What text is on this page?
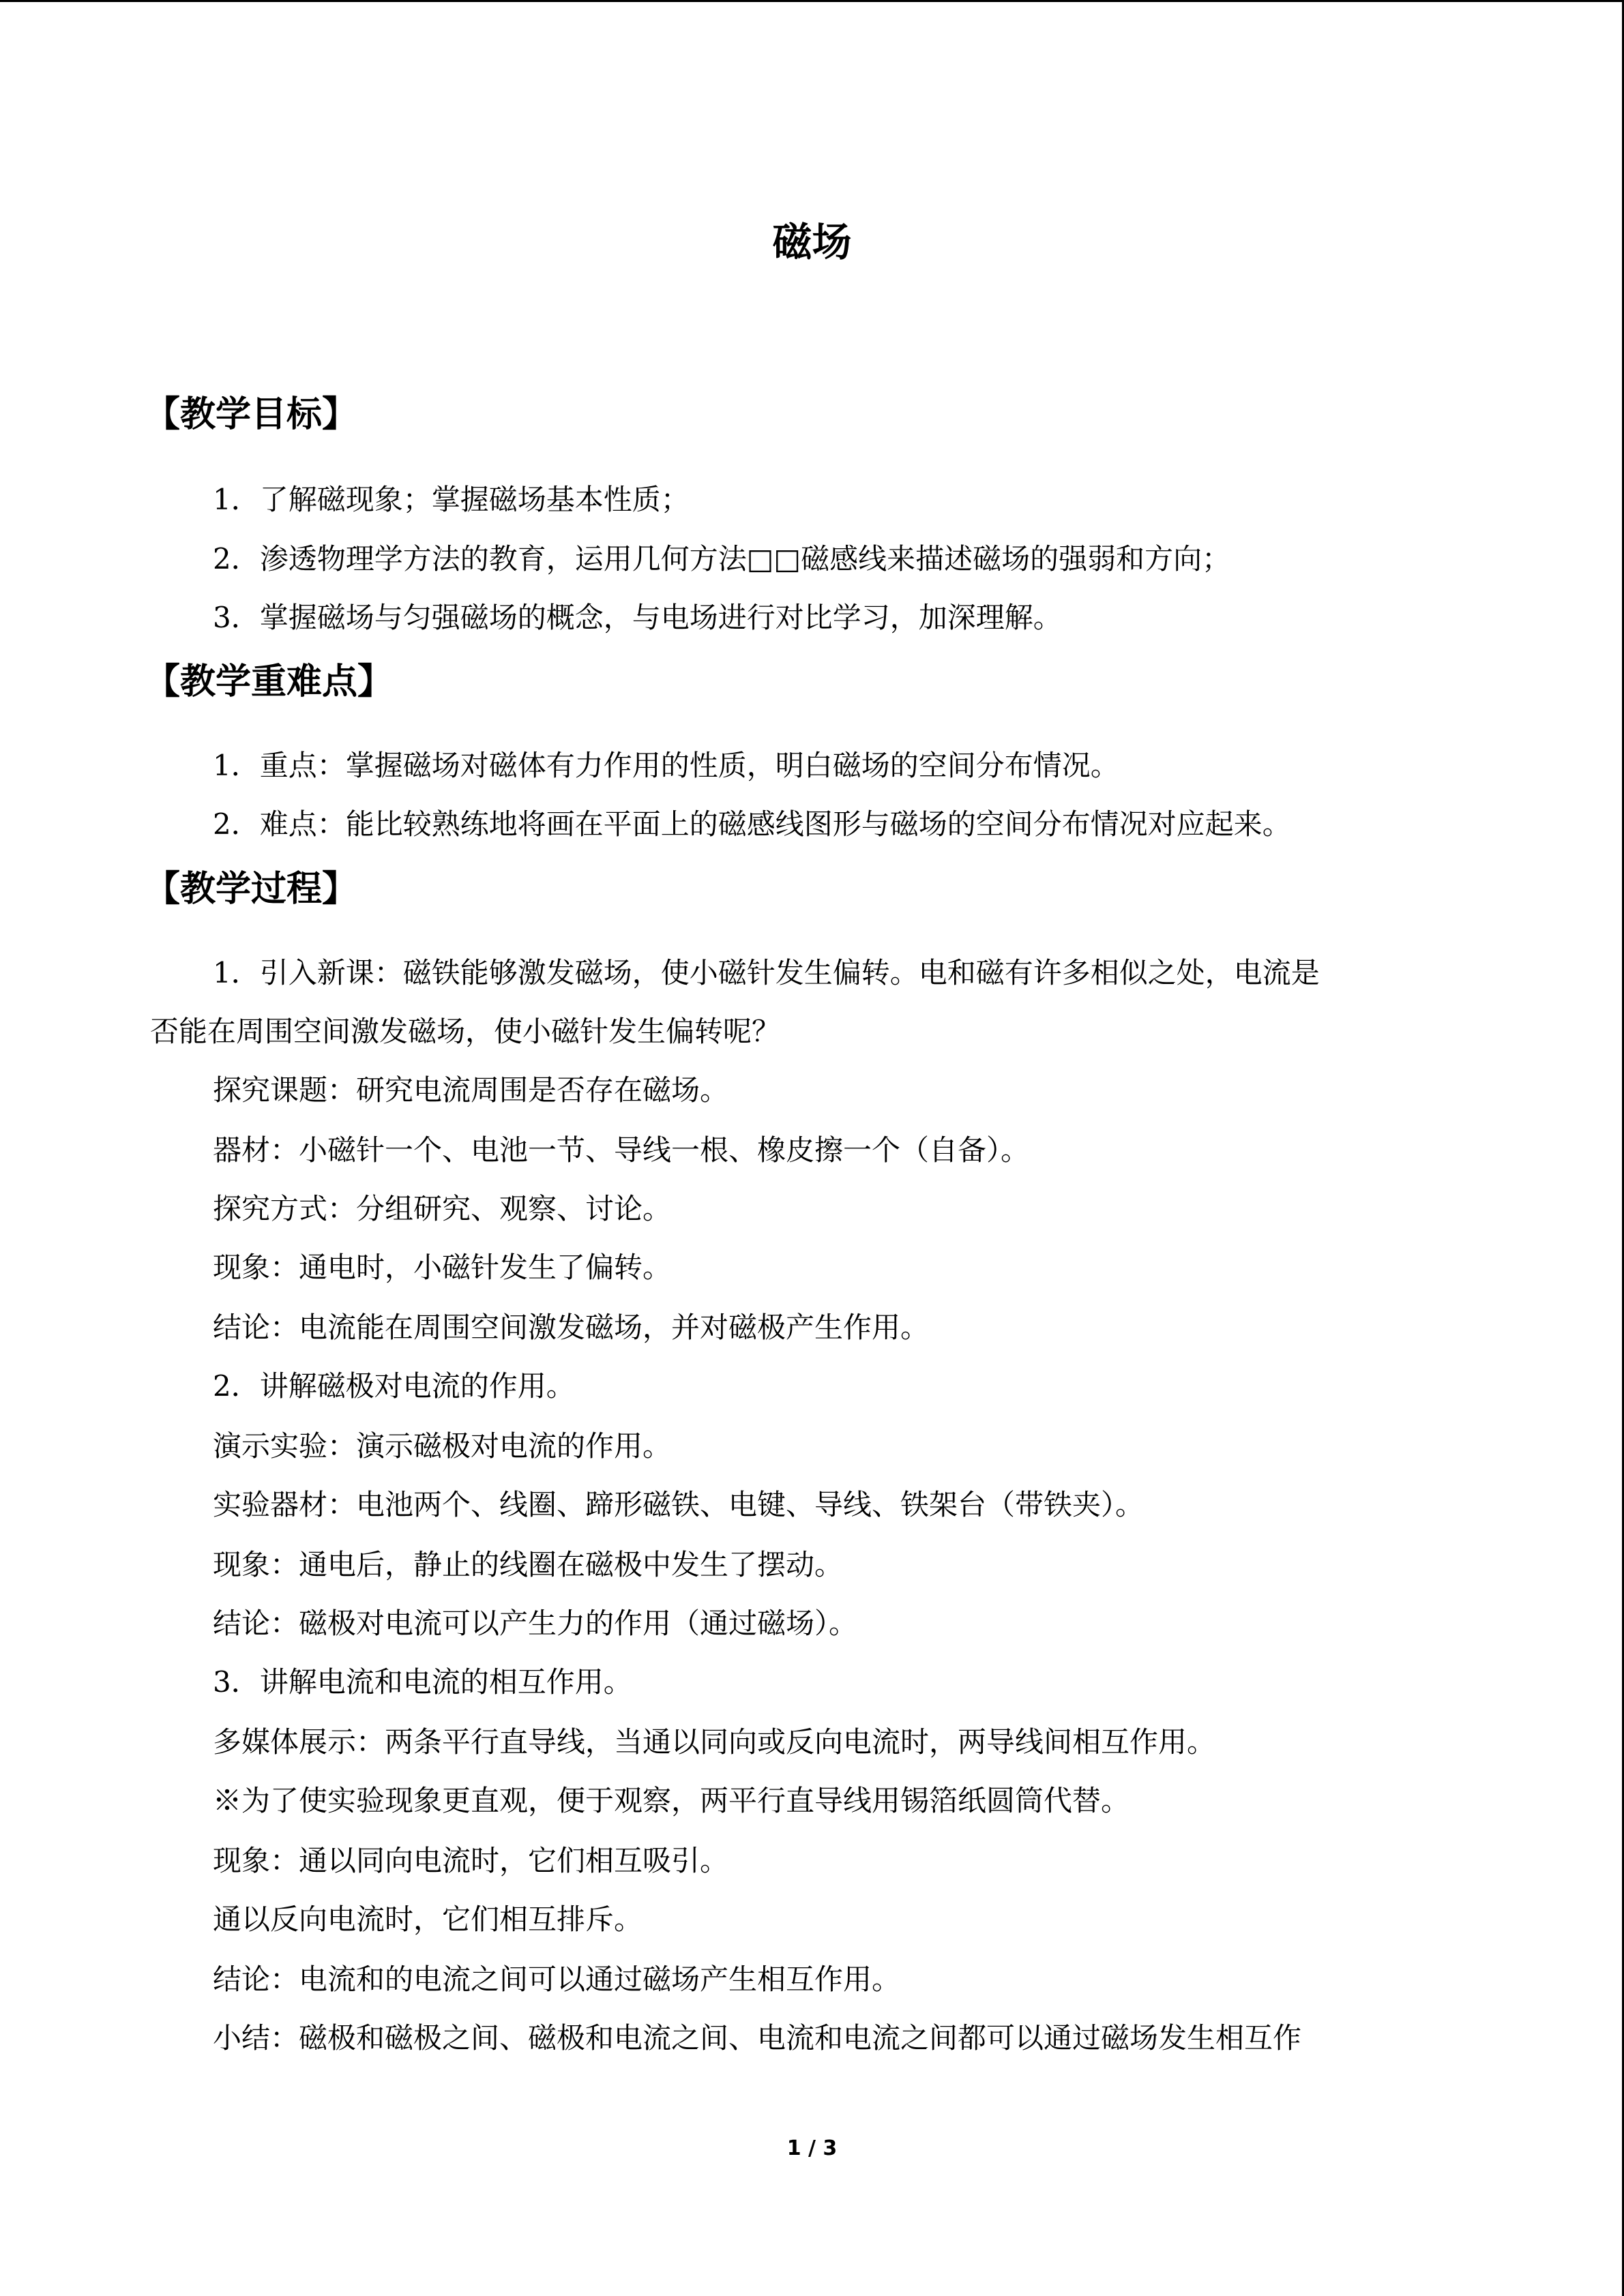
磁场
【教学目标】
1．了解磁现象；掌握磁场基本性质；
2．渗透物理学方法的教育，运用几何方法□□磁感线来描述磁场的强弱和方向；
3．掌握磁场与匀强磁场的概念，与电场进行对比学习，加深理解。
【教学重难点】
1．重点：掌握磁场对磁体有力作用的性质，明白磁场的空间分布情况。
2．难点：能比较熟练地将画在平面上的磁感线图形与磁场的空间分布情况对应起来。
【教学过程】
1．引入新课：磁铁能够激发磁场，使小磁针发生偏转。电和磁有许多相似之处，电流是
否能在周围空间激发磁场，使小磁针发生偏转呢？
探究课题：研究电流周围是否存在磁场。
器材：小磁针一个、电池一节、导线一根、橡皮擦一个（自备）。
探究方式：分组研究、观察、讨论。
现象：通电时，小磁针发生了偏转。
结论：电流能在周围空间激发磁场，并对磁极产生作用。
2．讲解磁极对电流的作用。
演示实验：演示磁极对电流的作用。
实验器材：电池两个、线圈、蹄形磁铁、电键、导线、铁架台（带铁夹）。
现象：通电后，静止的线圈在磁极中发生了摆动。
结论：磁极对电流可以产生力的作用（通过磁场）。
3．讲解电流和电流的相互作用。
多媒体展示：两条平行直导线，当通以同向或反向电流时，两导线间相互作用。
※为了使实验现象更直观，便于观察，两平行直导线用锡箔纸圆筒代替。
现象：通以同向电流时，它们相互吸引。
通以反向电流时，它们相互排斥。
结论：电流和的电流之间可以通过磁场产生相互作用。
小结：磁极和磁极之间、磁极和电流之间、电流和电流之间都可以通过磁场发生相互作
1 / 3
